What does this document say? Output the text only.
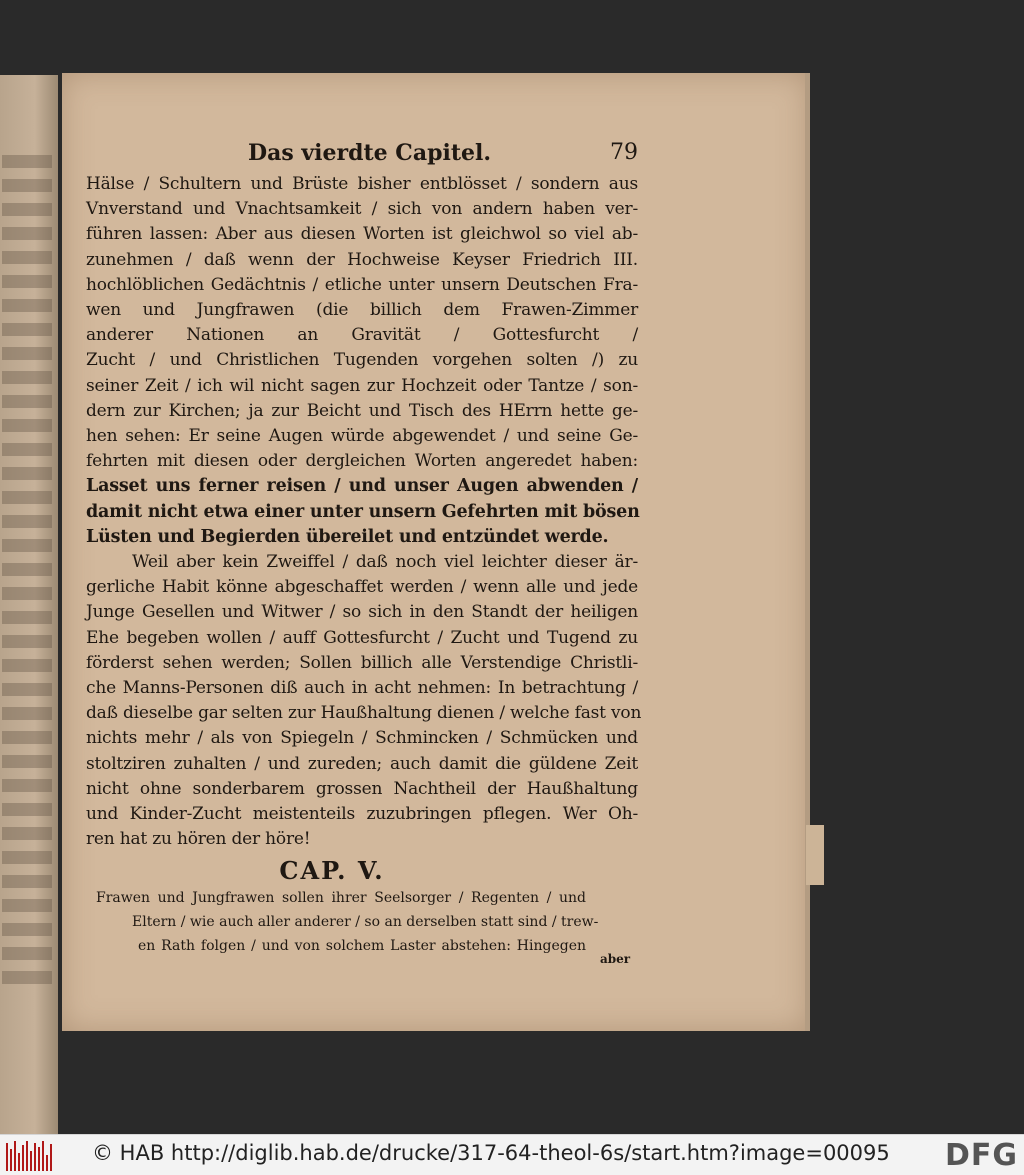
Das vierdte Capitel.	79
Hälse / Schultern und Brüste bisher entblösset / sondern aus
Vnverstand und Vnachtsamkeit / sich von andern haben ver-
führen lassen: Aber aus diesen Worten ist gleichwol so viel ab-
zunehmen / daß wenn der Hochweise Keyser Friedrich III.
hochlöblichen Gedächtnis / etliche unter unsern Deutschen Fra-
wen und Jungfrawen (die billich dem Frawen-Zimmer
anderer Nationen an Gravität / Gottesfurcht /
Zucht / und Christlichen Tugenden vorgehen solten /) zu
seiner Zeit / ich wil nicht sagen zur Hochzeit oder Tantze / son-
dern zur Kirchen; ja zur Beicht und Tisch des HErrn hette ge-
hen sehen: Er seine Augen würde abgewendet / und seine Ge-
fehrten mit diesen oder dergleichen Worten angeredet haben:
Lasset uns ferner reisen / und unser Augen abwenden /
damit nicht etwa einer unter unsern Gefehrten mit bösen
Lüsten und Begierden übereilet und entzündet werde.
Weil aber kein Zweiffel / daß noch viel leichter dieser är-
gerliche Habit könne abgeschaffet werden / wenn alle und jede
Junge Gesellen und Witwer / so sich in den Standt der heiligen
Ehe begeben wollen / auff Gottesfurcht / Zucht und Tugend zu
förderst sehen werden; Sollen billich alle Verstendige Christli-
che Manns-Personen diß auch in acht nehmen: In betrachtung /
daß dieselbe gar selten zur Haußhaltung dienen / welche fast von
nichts mehr / als von Spiegeln / Schmincken / Schmücken und
stoltziren zuhalten / und zureden; auch damit die güldene Zeit
nicht ohne sonderbarem grossen Nachtheil der Haußhaltung
und Kinder-Zucht meistenteils zuzubringen pflegen. Wer Oh-
ren hat zu hören der höre!
CAP. V.
Frawen und Jungfrawen sollen ihrer Seelsorger / Regenten / und
Eltern / wie auch aller anderer / so an derselben statt sind / trew-
en Rath folgen / und von solchem Laster abstehen: Hingegen
aber
© HAB http://diglib.hab.de/drucke/317-64-theol-6s/start.htm?image=00095 DFG
